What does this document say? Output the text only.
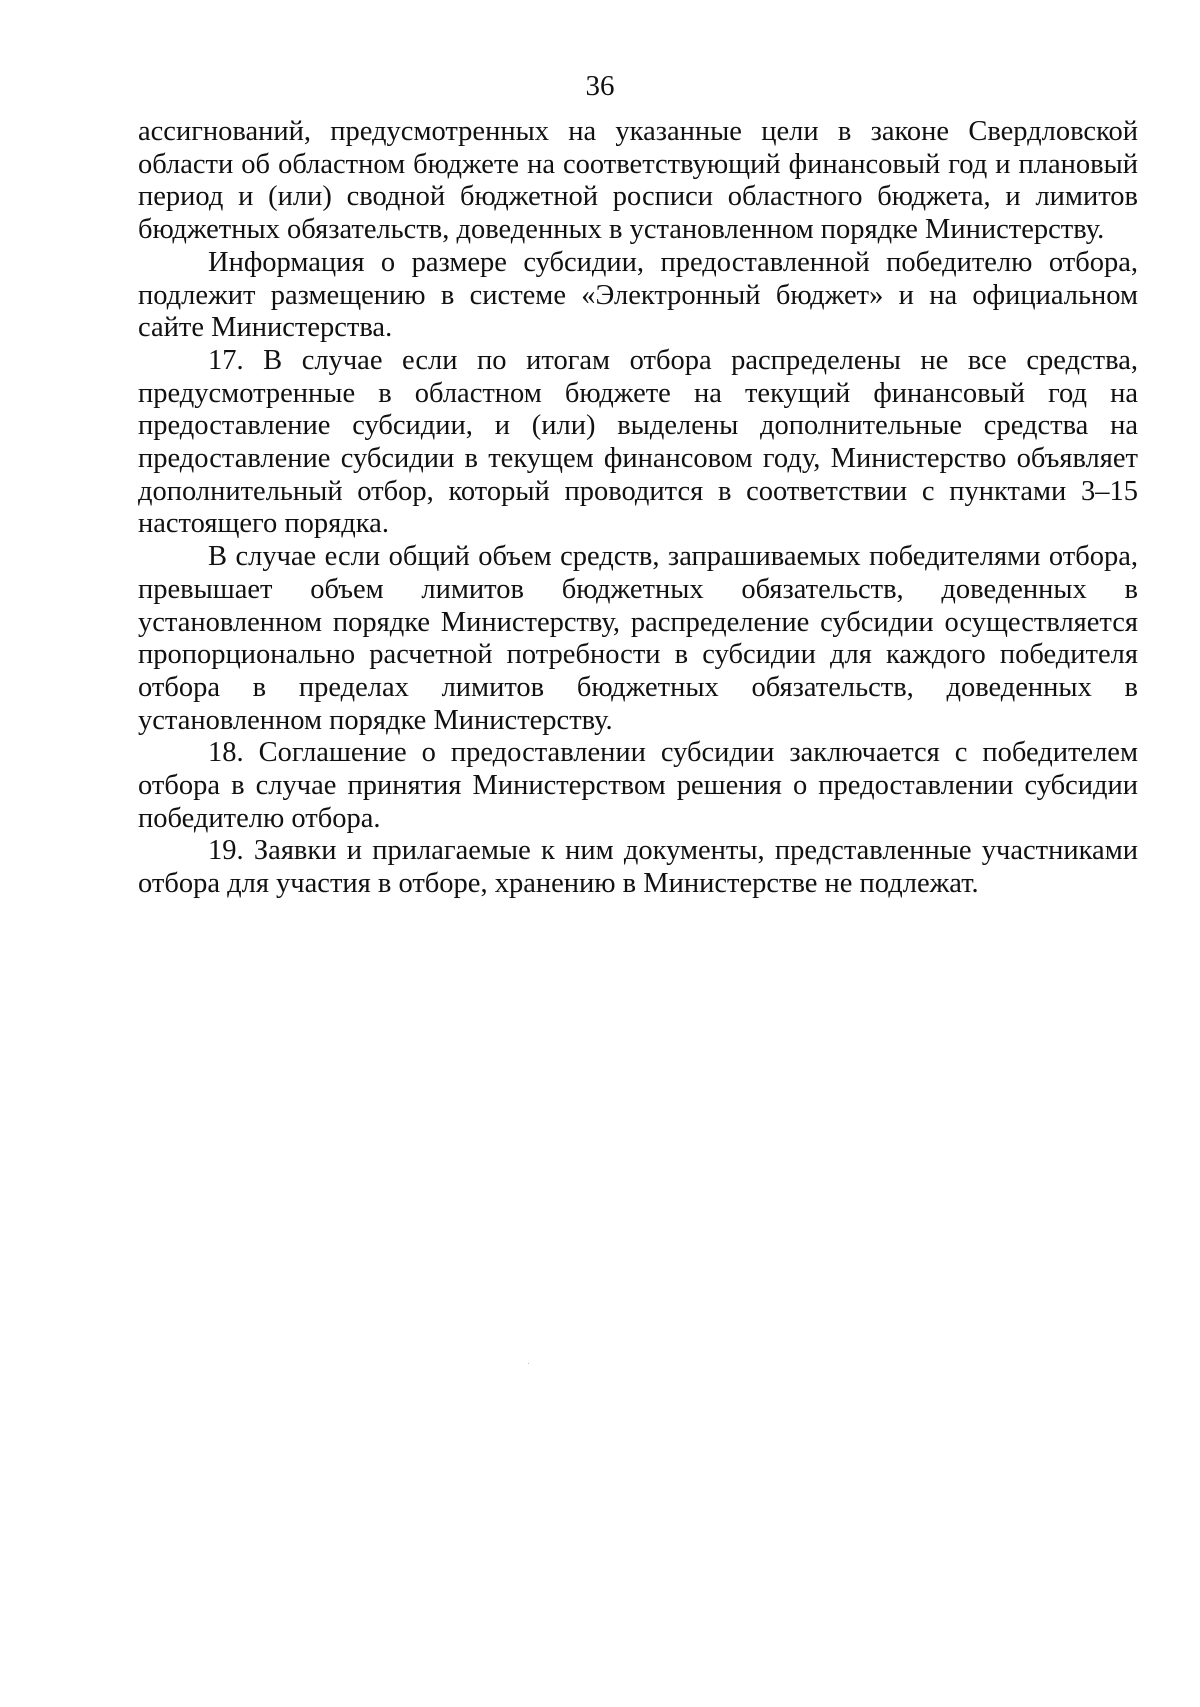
36

ассигнований, предусмотренных на указанные цели в законе Свердловской области об областном бюджете на соответствующий финансовый год и плановый период и (или) сводной бюджетной росписи областного бюджета, и лимитов бюджетных обязательств, доведенных в установленном порядке Министерству.

Информация о размере субсидии, предоставленной победителю отбора, подлежит размещению в системе «Электронный бюджет» и на официальном сайте Министерства.

17. В случае если по итогам отбора распределены не все средства, предусмотренные в областном бюджете на текущий финансовый год на предоставление субсидии, и (или) выделены дополнительные средства на предоставление субсидии в текущем финансовом году, Министерство объявляет дополнительный отбор, который проводится в соответствии с пунктами 3–15 настоящего порядка.

В случае если общий объем средств, запрашиваемых победителями отбора, превышает объем лимитов бюджетных обязательств, доведенных в установленном порядке Министерству, распределение субсидии осуществляется пропорционально расчетной потребности в субсидии для каждого победителя отбора в пределах лимитов бюджетных обязательств, доведенных в установленном порядке Министерству.

18. Соглашение о предоставлении субсидии заключается с победителем отбора в случае принятия Министерством решения о предоставлении субсидии победителю отбора.

19. Заявки и прилагаемые к ним документы, представленные участниками отбора для участия в отборе, хранению в Министерстве не подлежат.
